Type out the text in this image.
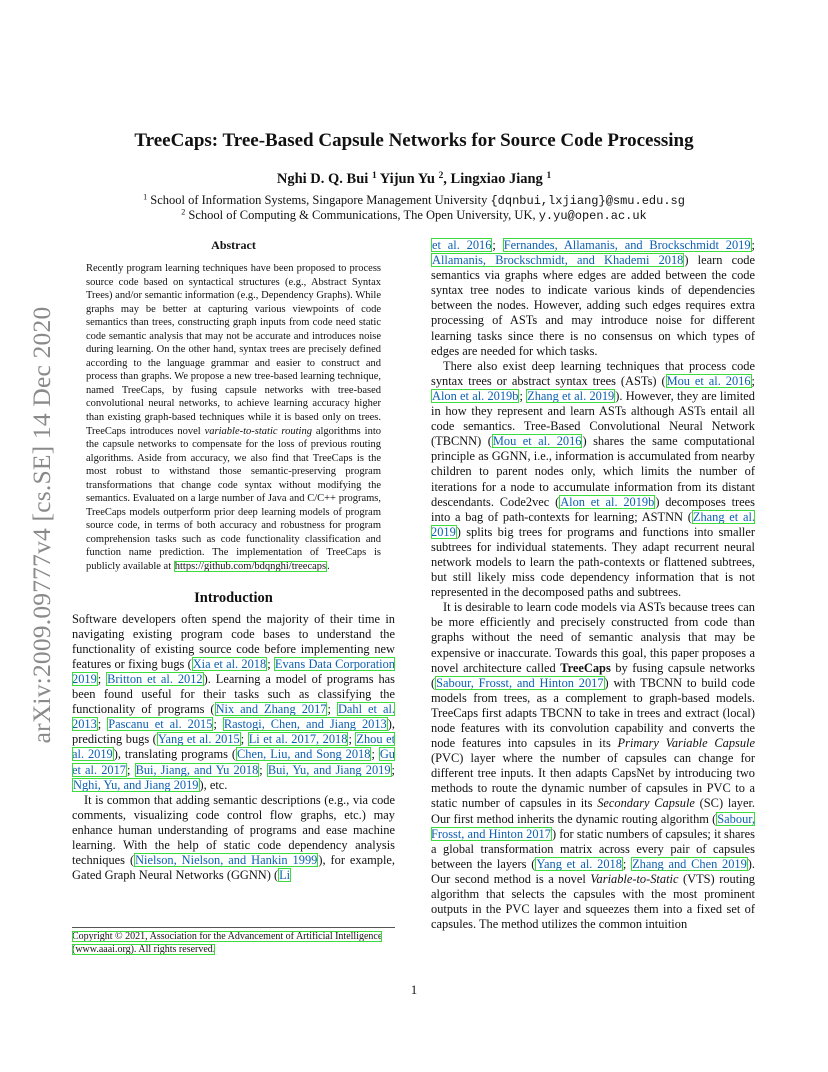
arXiv:2009.09777v4 [cs.SE] 14 Dec 2020
TreeCaps: Tree-Based Capsule Networks for Source Code Processing
Nghi D. Q. Bui $^1$ Yijun Yu $^2$, Lingxiao Jiang $^1$
$^1$ School of Information Systems, Singapore Management University {dqnbui,lxjiang}@smu.edu.sg
$^2$ School of Computing & Communications, The Open University, UK, y.yu@open.ac.uk
Abstract
Recently program learning techniques have been proposed to process source code based on syntactical structures (e.g., Abstract Syntax Trees) and/or semantic information (e.g., Dependency Graphs). While graphs may be better at capturing various viewpoints of code semantics than trees, constructing graph inputs from code need static code semantic analysis that may not be accurate and introduces noise during learning. On the other hand, syntax trees are precisely defined according to the language grammar and easier to construct and process than graphs. We propose a new tree-based learning technique, named TreeCaps, by fusing capsule networks with tree-based convolutional neural networks, to achieve learning accuracy higher than existing graph-based techniques while it is based only on trees. TreeCaps introduces novel variable-to-static routing algorithms into the capsule networks to compensate for the loss of previous routing algorithms. Aside from accuracy, we also find that TreeCaps is the most robust to withstand those semantic-preserving program transformations that change code syntax without modifying the semantics. Evaluated on a large number of Java and C/C++ programs, TreeCaps models outperform prior deep learning models of program source code, in terms of both accuracy and robustness for program comprehension tasks such as code functionality classification and function name prediction. The implementation of TreeCaps is publicly available at https://github.com/bdqnghi/treecaps.
Introduction

Software developers often spend the majority of their time in navigating existing program code bases to understand the functionality of existing source code before implementing new features or fixing bugs (Xia et al. 2018; Evans Data Corporation 2019; Britton et al. 2012). Learning a model of programs has been found useful for their tasks such as classifying the functionality of programs (Nix and Zhang 2017; Dahl et al. 2013; Pascanu et al. 2015; Rastogi, Chen, and Jiang 2013), predicting bugs (Yang et al. 2015; Li et al. 2017, 2018; Zhou et al. 2019), translating programs (Chen, Liu, and Song 2018; Gu et al. 2017; Bui, Jiang, and Yu 2018; Bui, Yu, and Jiang 2019; Nghi, Yu, and Jiang 2019), etc.

It is common that adding semantic descriptions (e.g., via code comments, visualizing code control flow graphs, etc.) may enhance human understanding of programs and ease machine learning. With the help of static code dependency analysis techniques (Nielson, Nielson, and Hankin 1999), for example, Gated Graph Neural Networks (GGNN) (Li

Copyright © 2021, Association for the Advancement of Artificial Intelligence (www.aaai.org). All rights reserved.

et al. 2016; Fernandes, Allamanis, and Brockschmidt 2019; Allamanis, Brockschmidt, and Khademi 2018) learn code semantics via graphs where edges are added between the code syntax tree nodes to indicate various kinds of dependencies between the nodes. However, adding such edges requires extra processing of ASTs and may introduce noise for different learning tasks since there is no consensus on which types of edges are needed for which tasks.

There also exist deep learning techniques that process code syntax trees or abstract syntax trees (ASTs) (Mou et al. 2016; Alon et al. 2019b; Zhang et al. 2019). However, they are limited in how they represent and learn ASTs although ASTs entail all code semantics. Tree-Based Convolutional Neural Network (TBCNN) (Mou et al. 2016) shares the same computational principle as GGNN, i.e., information is accumulated from nearby children to parent nodes only, which limits the number of iterations for a node to accumulate information from its distant descendants. Code2vec (Alon et al. 2019b) decomposes trees into a bag of path-contexts for learning; ASTNN (Zhang et al. 2019) splits big trees for programs and functions into smaller subtrees for individual statements. They adapt recurrent neural network models to learn the path-contexts or flattened subtrees, but still likely miss code dependency information that is not represented in the decomposed paths and subtrees.

It is desirable to learn code models via ASTs because trees can be more efficiently and precisely constructed from code than graphs without the need of semantic analysis that may be expensive or inaccurate. Towards this goal, this paper proposes a novel architecture called TreeCaps by fusing capsule networks (Sabour, Frosst, and Hinton 2017) with TBCNN to build code models from trees, as a complement to graph-based models. TreeCaps first adapts TBCNN to take in trees and extract (local) node features with its convolution capability and converts the node features into capsules in its Primary Variable Capsule (PVC) layer where the number of capsules can change for different tree inputs. It then adapts CapsNet by introducing two methods to route the dynamic number of capsules in PVC to a static number of capsules in its Secondary Capsule (SC) layer. Our first method inherits the dynamic routing algorithm (Sabour, Frosst, and Hinton 2017) for static numbers of capsules; it shares a global transformation matrix across every pair of capsules between the layers (Yang et al. 2018; Zhang and Chen 2019). Our second method is a novel Variable-to-Static (VTS) routing algorithm that selects the capsules with the most prominent outputs in the PVC layer and squeezes them into a fixed set of capsules. The method utilizes the common intuition

1
